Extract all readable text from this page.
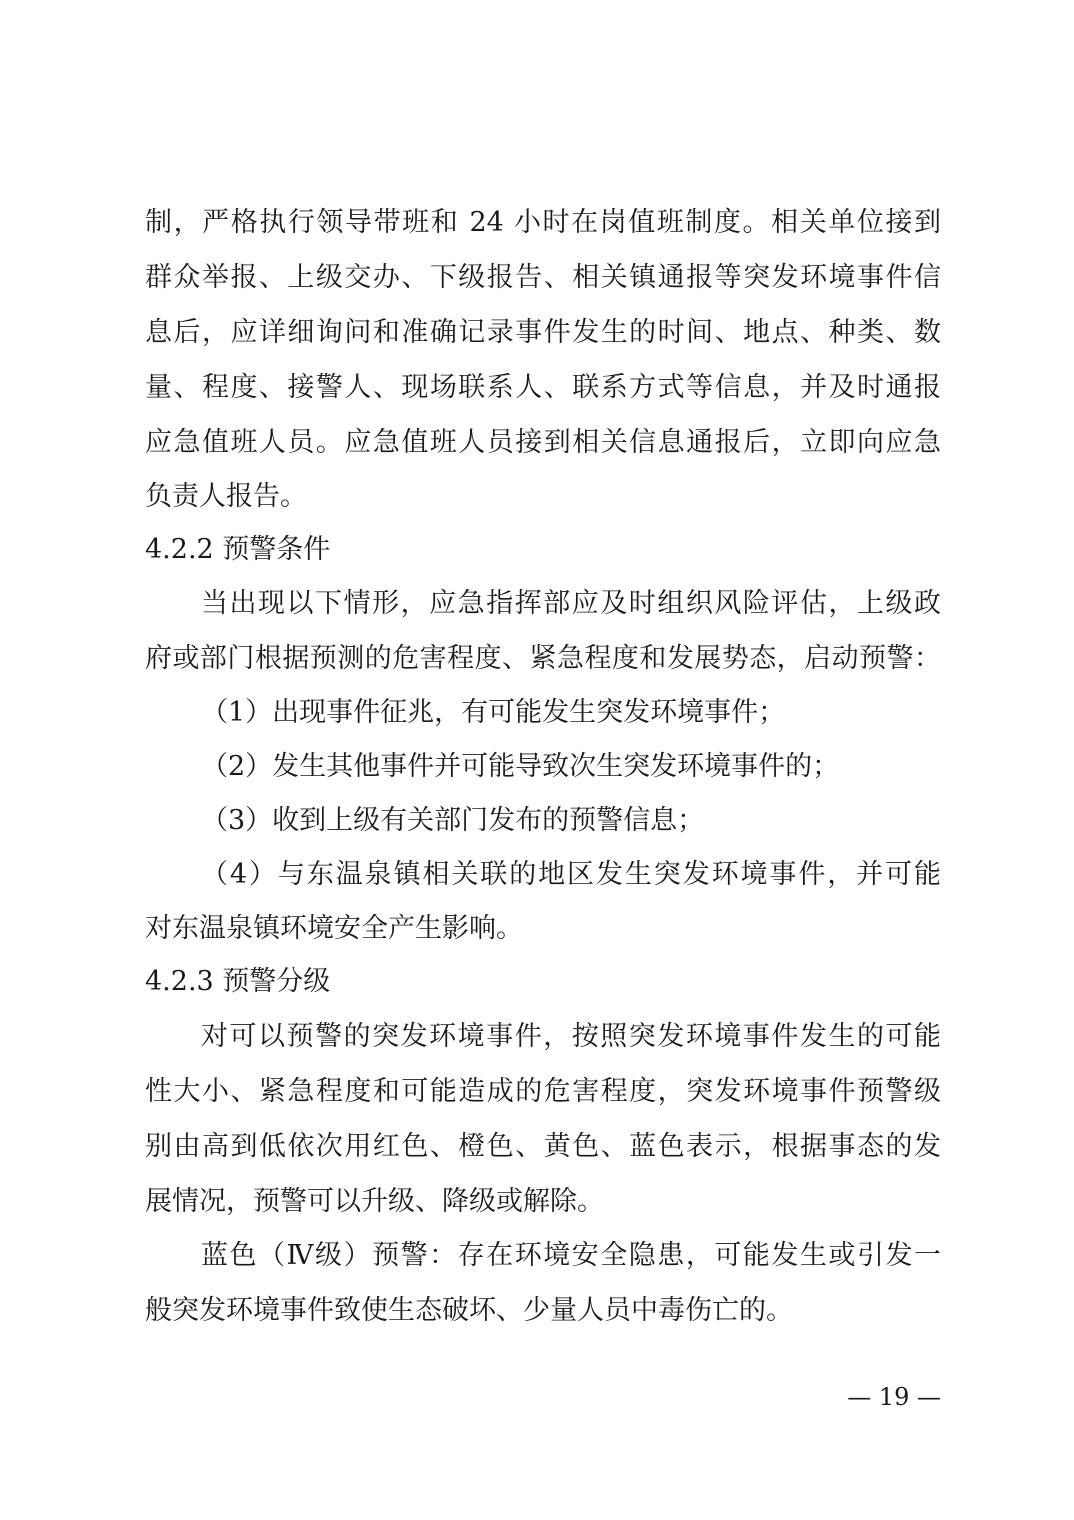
制，严格执行领导带班和 24 小时在岗值班制度。相关单位接到
群众举报、上级交办、下级报告、相关镇通报等突发环境事件信
息后，应详细询问和准确记录事件发生的时间、地点、种类、数
量、程度、接警人、现场联系人、联系方式等信息，并及时通报
应急值班人员。应急值班人员接到相关信息通报后，立即向应急
负责人报告。
4.2.2 预警条件
当出现以下情形，应急指挥部应及时组织风险评估，上级政
府或部门根据预测的危害程度、紧急程度和发展势态，启动预警：
（1）出现事件征兆，有可能发生突发环境事件；
（2）发生其他事件并可能导致次生突发环境事件的；
（3）收到上级有关部门发布的预警信息；
（4）与东温泉镇相关联的地区发生突发环境事件，并可能
对东温泉镇环境安全产生影响。
4.2.3 预警分级
对可以预警的突发环境事件，按照突发环境事件发生的可能
性大小、紧急程度和可能造成的危害程度，突发环境事件预警级
别由高到低依次用红色、橙色、黄色、蓝色表示，根据事态的发
展情况，预警可以升级、降级或解除。
蓝色（Ⅳ级）预警：存在环境安全隐患，可能发生或引发一
般突发环境事件致使生态破坏、少量人员中毒伤亡的。
— 19 —
